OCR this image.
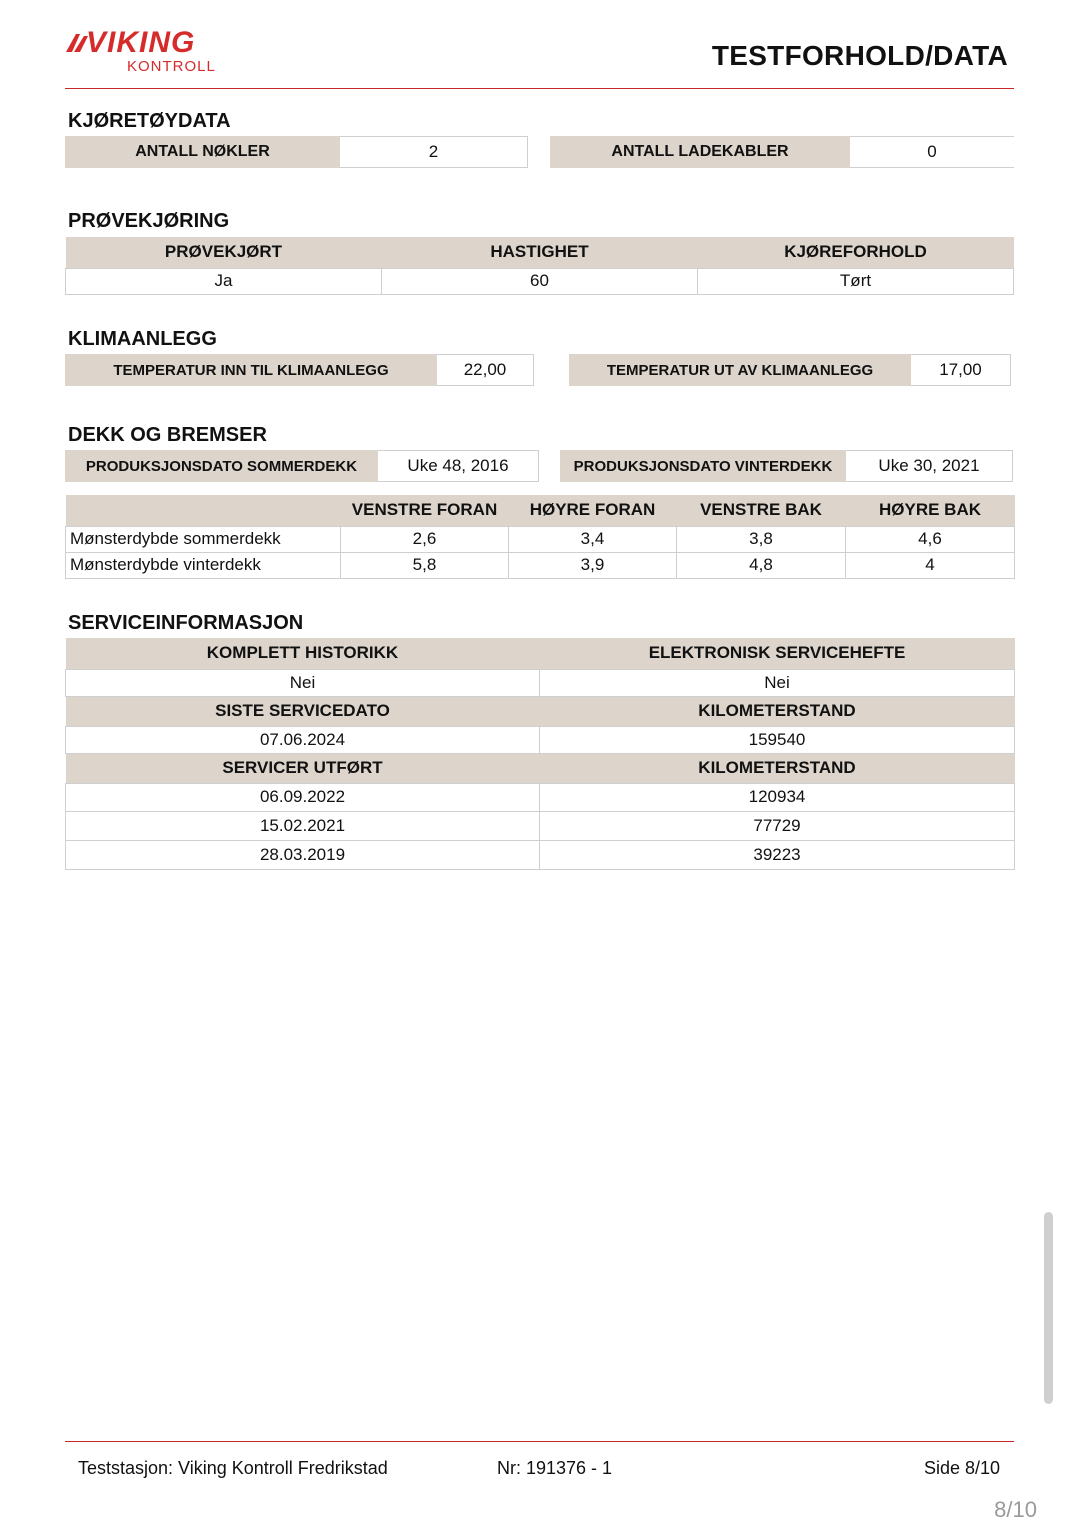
VIKING
KONTROLL	TESTFORHOLD/DATA
KJØRETØYDATA
ANTALL NØKLER	2	ANTALL LADEKABLER	0
PRØVEKJØRING
PRØVEKJØRT	HASTIGHET	KJØREFORHOLD
Ja	60	Tørt
KLIMAANLEGG
TEMPERATUR INN TIL KLIMAANLEGG	22,00	TEMPERATUR UT AV KLIMAANLEGG	17,00
DEKK OG BREMSER
PRODUKSJONSDATO SOMMERDEKK	Uke 48, 2016	PRODUKSJONSDATO VINTERDEKK	Uke 30, 2021
	VENSTRE FORAN	HØYRE FORAN	VENSTRE BAK	HØYRE BAK
Mønsterdybde sommerdekk	2,6	3,4	3,8	4,6
Mønsterdybde vinterdekk	5,8	3,9	4,8	4
SERVICEINFORMASJON
KOMPLETT HISTORIKK	ELEKTRONISK SERVICEHEFTE
Nei	Nei
SISTE SERVICEDATO	KILOMETERSTAND
07.06.2024	159540
SERVICER UTFØRT	KILOMETERSTAND
06.09.2022	120934
15.02.2021	77729
28.03.2019	39223
Teststasjon: Viking Kontroll Fredrikstad	Nr: 191376 - 1	Side 8/10
8/10
